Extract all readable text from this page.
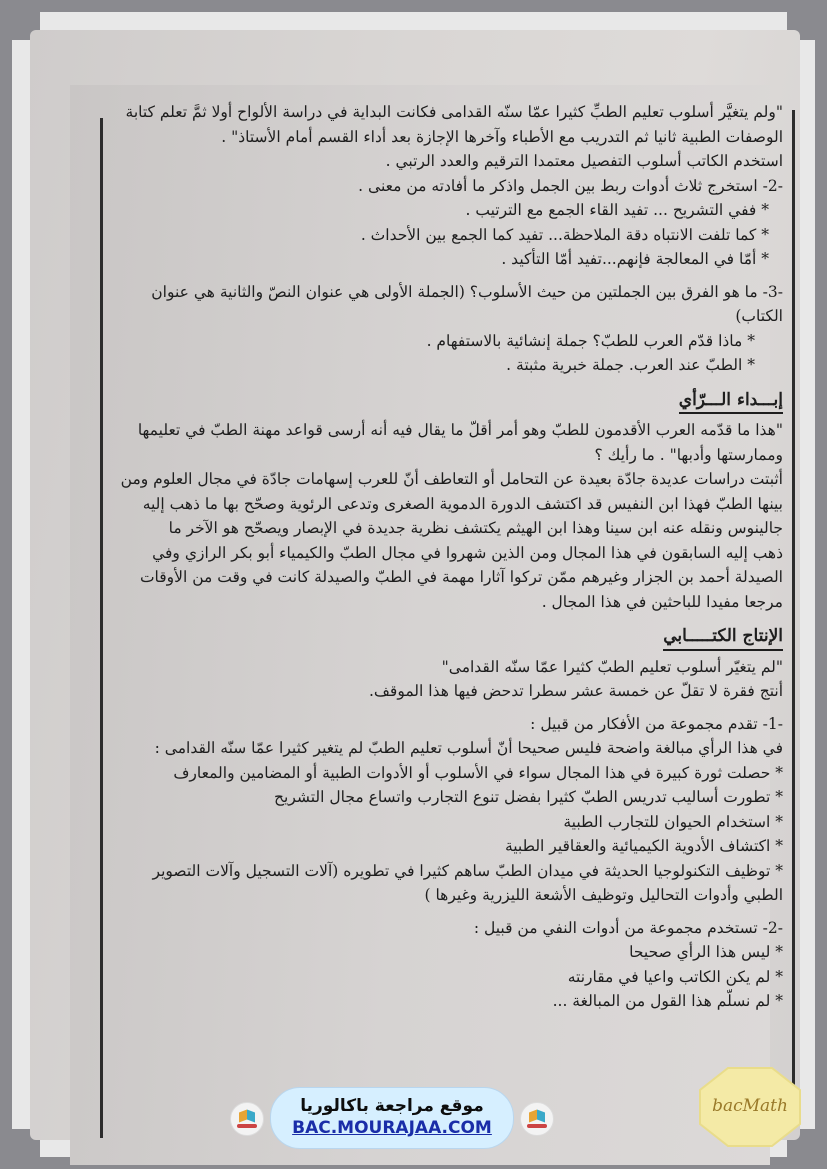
"ولم يتغيَّر أسلوب تعليم الطبِّ كثيرا عمّا سنّه القدامى فكانت البداية في دراسة الألواح أولا ثمَّ تعلم كتابة

الوصفات الطبية ثانيا ثم التدريب مع الأطباء وآخرها الإجازة بعد أداء القسم أمام الأستاذ" .

استخدم الكاتب أسلوب التفصيل معتمدا الترقيم والعدد الرتبي .

-2- استخرج ثلاث أدوات ربط بين الجمل واذكر ما أفادته من معنى .

* ففي التشريح ... تفيد القاء الجمع مع الترتيب .

* كما تلفت الانتباه دقة الملاحظة... تفيد كما الجمع بين الأحداث .

* أمّا في المعالجة فإنهم...تفيد أمّا التأكيد .

-3- ما هو الفرق بين الجملتين من حيث الأسلوب؟ (الجملة الأولى هي عنوان النصّ والثانية هي عنوان

الكتاب)

* ماذا قدّم العرب للطبّ؟ جملة إنشائية بالاستفهام .

* الطبّ عند العرب. جملة خبرية مثبتة .

إبـــداء الـــرّأي

"هذا ما قدّمه العرب الأقدمون للطبّ وهو أمر أقلّ ما يقال فيه أنه أرسى قواعد مهنة الطبّ في تعليمها

وممارستها وأدبها" . ما رأيك ؟

أثبتت دراسات عديدة جادّة بعيدة عن التحامل أو التعاطف أنّ للعرب إسهامات جادّة في مجال العلوم ومن

بينها الطبّ فهذا ابن النفيس قد اكتشف الدورة الدموية الصغرى وتدعى الرئوية وصحّح بها ما ذهب إليه

جالينوس ونقله عنه ابن سينا وهذا ابن الهيثم يكتشف نظرية جديدة في الإبصار ويصحّح هو الآخر ما

ذهب إليه السابقون في هذا المجال ومن الذين شهروا في مجال الطبّ والكيمياء أبو بكر الرازي وفي

الصيدلة أحمد بن الجزار وغيرهم ممّن تركوا آثارا مهمة في الطبّ والصيدلة كانت في وقت من الأوقات

مرجعا مفيدا للباحثين في هذا المجال .

الإنتاج الكتـــــابي

"لم يتغيّر أسلوب تعليم الطبّ كثيرا عمّا سنّه القدامى"

أنتج فقرة لا تقلّ عن خمسة عشر سطرا تدحض فيها هذا الموقف.

-1- تقدم مجموعة من الأفكار من قبيل :

في هذا الرأي مبالغة واضحة فليس صحيحا أنّ أسلوب تعليم الطبّ لم يتغير كثيرا عمّا سنّه القدامى :

* حصلت ثورة كبيرة في هذا المجال سواء في الأسلوب أو الأدوات الطبية أو المضامين والمعارف

* تطورت أساليب تدريس الطبّ كثيرا بفضل تنوع التجارب واتساع مجال التشريح

* استخدام الحيوان للتجارب الطبية

* اكتشاف الأدوية الكيميائية والعقاقير الطبية

* توظيف التكنولوجيا الحديثة في ميدان الطبّ ساهم كثيرا في تطويره (آلات التسجيل وآلات التصوير

الطبي وأدوات التحاليل وتوظيف الأشعة الليزرية وغيرها )

-2- تستخدم مجموعة من أدوات النفي من قبيل :

* ليس هذا الرأي صحيحا

* لم يكن الكاتب واعيا في مقارنته

* لم نسلّم هذا القول من المبالغة ...

موقع مراجعة باكالوريا
BAC.MOURAJAA.COM
bacMath
